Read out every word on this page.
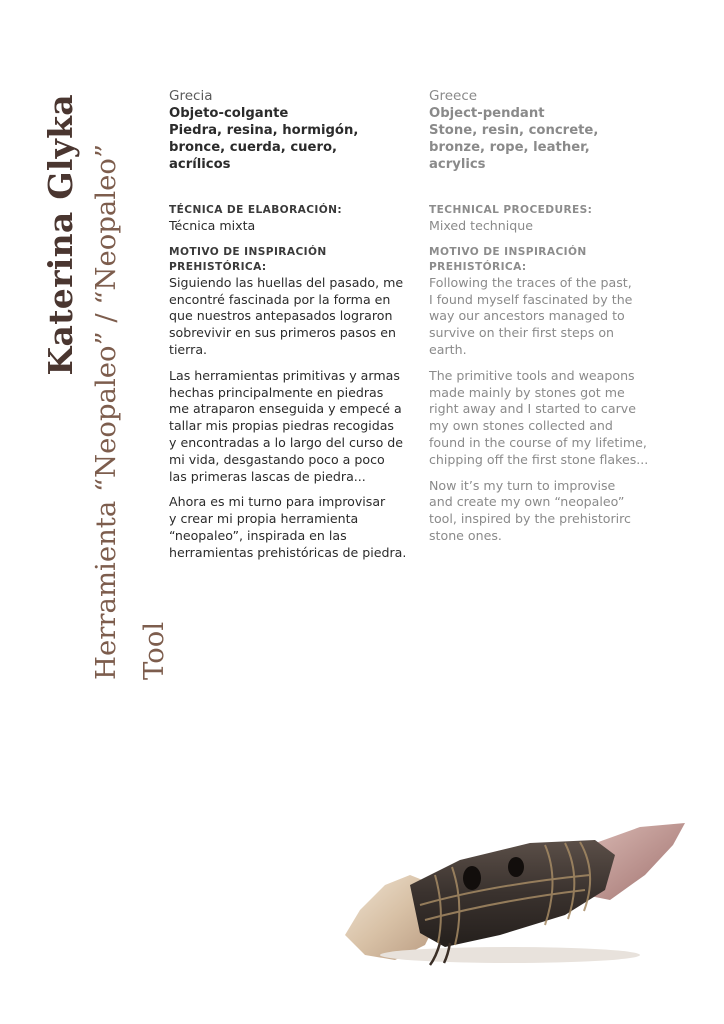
Katerina Glyka Herramienta “Neopaleo” / “Neopaleo” Tool
Grecia
Objeto-colgante
Piedra, resina, hormigón,
bronce, cuerda, cuero,
acrílicos
TÉCNICA DE ELABORACIÓN:
Técnica mixta
MOTIVO DE INSPIRACIÓN
PREHISTÓRICA:
Siguiendo las huellas del pasado, me
encontré fascinada por la forma en
que nuestros antepasados lograron
sobrevivir en sus primeros pasos en
tierra.
Las herramientas primitivas y armas
hechas principalmente en piedras
me atraparon enseguida y empecé a
tallar mis propias piedras recogidas
y encontradas a lo largo del curso de
mi vida, desgastando poco a poco
las primeras lascas de piedra...
Ahora es mi turno para improvisar
y crear mi propia herramienta
“neopaleo”, inspirada en las
herramientas prehistóricas de piedra.
Greece
Object-pendant
Stone, resin, concrete,
bronze, rope, leather,
acrylics
TECHNICAL PROCEDURES:
Mixed technique
MOTIVO DE INSPIRACIÓN
PREHISTÓRICA:
Following the traces of the past,
I found myself fascinated by the
way our ancestors managed to
survive on their first steps on
earth.
The primitive tools and weapons
made mainly by stones got me
right away and I started to carve
my own stones collected and
found in the course of my lifetime,
chipping off the first stone flakes...
Now it’s my turn to improvise
and create my own “neopaleo”
tool, inspired by the prehistorirc
stone ones.
